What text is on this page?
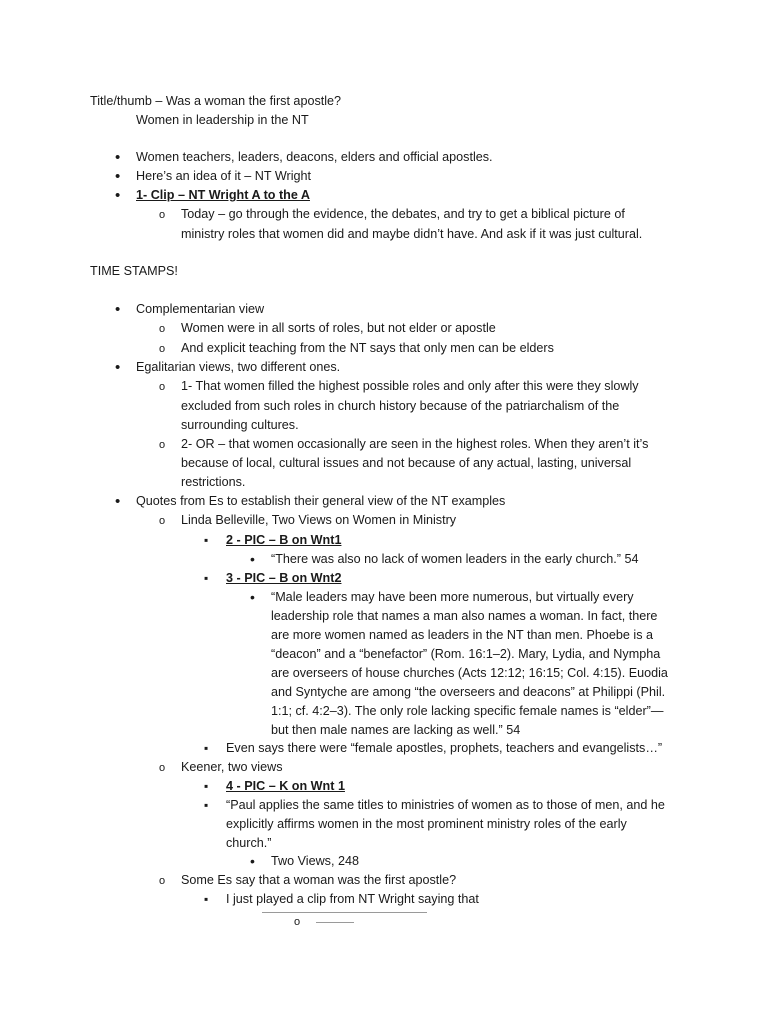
Title/thumb – Was a woman the first apostle?
Women in leadership in the NT
•
Women teachers, leaders, deacons, elders and official apostles.
•
Here’s an idea of it – NT Wright
•
1- Clip – NT Wright A to the A
o
Today – go through the evidence, the debates, and try to get a biblical picture of
ministry roles that women did and maybe didn’t have. And ask if it was just cultural.
TIME STAMPS!
•
Complementarian view
o
Women were in all sorts of roles, but not elder or apostle
o
And explicit teaching from the NT says that only men can be elders
•
Egalitarian views, two different ones.
o
1- That women filled the highest possible roles and only after this were they slowly
excluded from such roles in church history because of the patriarchalism of the
surrounding cultures.
o
2- OR – that women occasionally are seen in the highest roles. When they aren’t it’s
because of local, cultural issues and not because of any actual, lasting, universal
restrictions.
•
Quotes from Es to establish their general view of the NT examples
o
Linda Belleville, Two Views on Women in Ministry
▪
2 - PIC – B on Wnt1
•
“There was also no lack of women leaders in the early church.” 54
▪
3 - PIC – B on Wnt2
•
“Male leaders may have been more numerous, but virtually every
leadership role that names a man also names a woman. In fact, there
are more women named as leaders in the NT than men. Phoebe is a
“deacon” and a “benefactor” (Rom. 16:1–2). Mary, Lydia, and Nympha
are overseers of house churches (Acts 12:12; 16:15; Col. 4:15). Euodia
and Syntyche are among “the overseers and deacons” at Philippi (Phil.
1:1; cf. 4:2–3). The only role lacking specific female names is “elder”—
but then male names are lacking as well.” 54
▪
Even says there were “female apostles, prophets, teachers and evangelists…”
o
Keener, two views
▪
4 - PIC – K on Wnt 1
▪
“Paul applies the same titles to ministries of women as to those of men, and he
explicitly affirms women in the most prominent ministry roles of the early
church.”
•
Two Views, 248
o
Some Es say that a woman was the first apostle?
▪
I just played a clip from NT Wright saying that
o
